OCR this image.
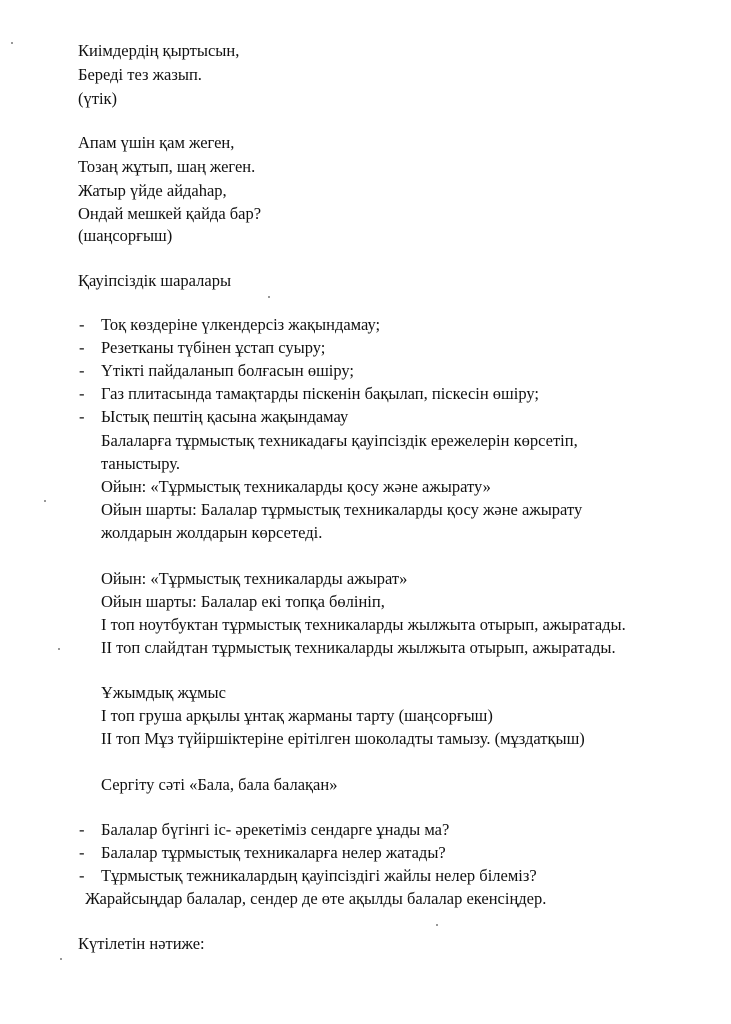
Киімдердің қыртысын,
Береді тез жазып.
(үтік)
Апам үшін қам жеген,
Тозаң жұтып, шаң жеген.
Жатыр үйде айдаһар,
Ондай мешкей қайда бар?
(шаңсорғыш)
Қауіпсіздік шаралары
- Тоқ көздеріне үлкендерсіз жақындамау;
- Резетканы түбінен ұстап суыру;
- Үтікті пайдаланып болғасын өшіру;
- Газ плитасында тамақтарды піскенін бақылап, піскесін өшіру;
- Ыстық пештің қасына жақындамау
Балаларға тұрмыстық техникадағы қауіпсіздік ережелерін көрсетіп,
таныстыру.
Ойын: «Тұрмыстық техникаларды қосу және ажырату»
Ойын шарты: Балалар тұрмыстық техникаларды қосу және ажырату
жолдарын жолдарын көрсетеді.
Ойын: «Тұрмыстық техникаларды ажырат»
Ойын шарты: Балалар екі топқа бөлініп,
І топ ноутбуктан тұрмыстық техникаларды жылжыта отырып, ажыратады.
ІІ топ слайдтан тұрмыстық техникаларды жылжыта отырып, ажыратады.
Ұжымдық жұмыс
І топ груша арқылы ұнтақ жарманы тарту (шаңсорғыш)
ІІ топ Мұз түйіршіктеріне ерітілген шоколадты тамызу. (мұздатқыш)
Сергіту сәті «Бала, бала балақан»
- Балалар бүгінгі іс- әрекетіміз сендарге ұнады ма?
- Балалар тұрмыстық техникаларға нелер жатады?
- Тұрмыстық тежникалардың қауіпсіздігі жайлы нелер білеміз?
Жарайсыңдар балалар, сендер де өте ақылды балалар екенсіңдер.
Күтілетін нәтиже:
